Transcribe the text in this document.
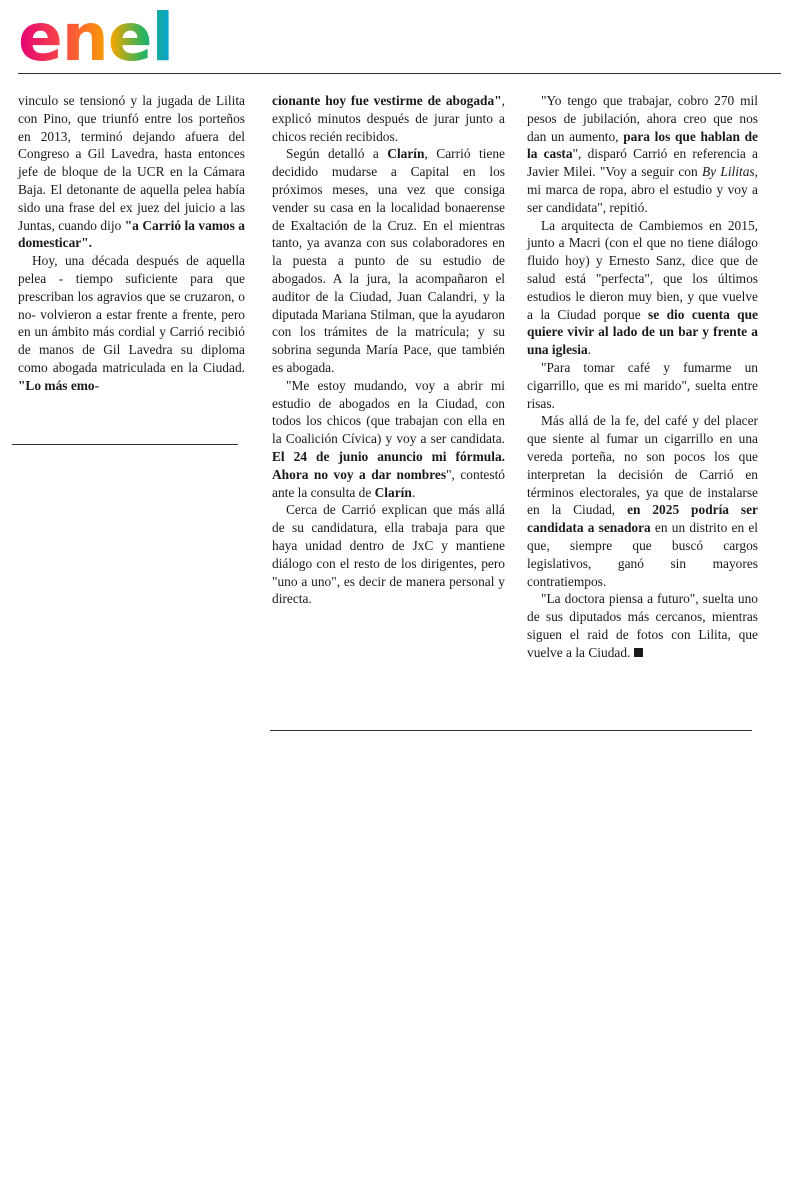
enel

vinculo se tensionó y la jugada de Lilita con Pino, que triunfó entre los porteños en 2013, terminó dejando afuera del Congreso a Gil Lavedra, hasta entonces jefe de bloque de la UCR en la Cámara Baja. El detonante de aquella pelea había sido una frase del ex juez del juicio a las Juntas, cuando dijo "a Carrió la vamos a domesticar".

Hoy, una década después de aquella pelea - tiempo suficiente para que prescriban los agravios que se cruzaron, o no- volvieron a estar frente a frente, pero en un ámbito más cordial y Carrió recibió de manos de Gil Lavedra su diploma como abogada matriculada en la Ciudad. "Lo más emo-

cionante hoy fue vestirme de abogada", explicó minutos después de jurar junto a chicos recién recibidos.

Según detalló a Clarín, Carrió tiene decidido mudarse a Capital en los próximos meses, una vez que consiga vender su casa en la localidad bonaerense de Exaltación de la Cruz. En el mientras tanto, ya avanza con sus colaboradores en la puesta a punto de su estudio de abogados. A la jura, la acompañaron el auditor de la Ciudad, Juan Calandri, y la diputada Mariana Stilman, que la ayudaron con los trámites de la matrícula; y su sobrina segunda María Pace, que también es abogada.

"Me estoy mudando, voy a abrir mi estudio de abogados en la Ciudad, con todos los chicos (que trabajan con ella en la Coalición Cívica) y voy a ser candidata. El 24 de junio anuncio mi fórmula. Ahora no voy a dar nombres", contestó ante la consulta de Clarín.

Cerca de Carrió explican que más allá de su candidatura, ella trabaja para que haya unidad dentro de JxC y mantiene diálogo con el resto de los dirigentes, pero "uno a uno", es decir de manera personal y directa.

"Yo tengo que trabajar, cobro 270 mil pesos de jubilación, ahora creo que nos dan un aumento, para los que hablan de la casta", disparó Carrió en referencia a Javier Milei. "Voy a seguir con By Lilitas, mi marca de ropa, abro el estudio y voy a ser candidata", repitió.

La arquitecta de Cambiemos en 2015, junto a Macri (con el que no tiene diálogo fluido hoy) y Ernesto Sanz, dice que de salud está "perfecta", que los últimos estudios le dieron muy bien, y que vuelve a la Ciudad porque se dio cuenta que quiere vivir al lado de un bar y frente a una iglesia.

"Para tomar café y fumarme un cigarrillo, que es mi marido", suelta entre risas.

Más allá de la fe, del café y del placer que siente al fumar un cigarrillo en una vereda porteña, no son pocos los que interpretan la decisión de Carrió en términos electorales, ya que de instalarse en la Ciudad, en 2025 podría ser candidata a senadora en un distrito en el que, siempre que buscó cargos legislativos, ganó sin mayores contratiempos.

"La doctora piensa a futuro", suelta uno de sus diputados más cercanos, mientras siguen el raid de fotos con Lilita, que vuelve a la Ciudad.
